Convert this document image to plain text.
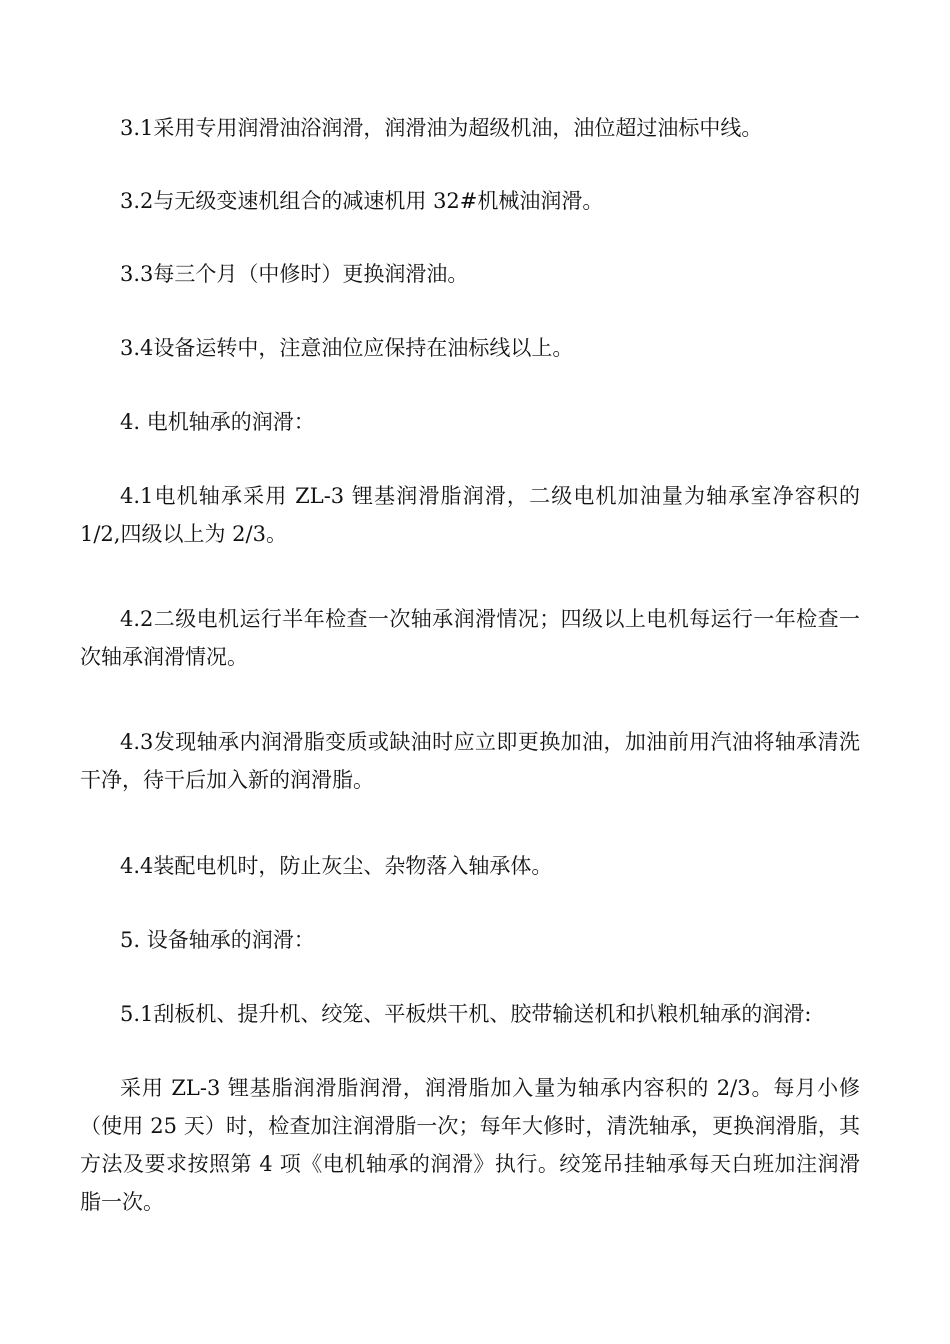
3.1采用专用润滑油浴润滑，润滑油为超级机油，油位超过油标中线。

3.2与无级变速机组合的减速机用 32#机械油润滑。

3.3每三个月（中修时）更换润滑油。

3.4设备运转中，注意油位应保持在油标线以上。

4. 电机轴承的润滑：

4.1电机轴承采用 ZL-3 锂基润滑脂润滑，二级电机加油量为轴承室净容积的 1/2,四级以上为 2/3。

4.2二级电机运行半年检查一次轴承润滑情况；四级以上电机每运行一年检查一次轴承润滑情况。

4.3发现轴承内润滑脂变质或缺油时应立即更换加油，加油前用汽油将轴承清洗干净，待干后加入新的润滑脂。

4.4装配电机时，防止灰尘、杂物落入轴承体。

5. 设备轴承的润滑：

5.1刮板机、提升机、绞笼、平板烘干机、胶带输送机和扒粮机轴承的润滑:

采用 ZL-3 锂基脂润滑脂润滑，润滑脂加入量为轴承内容积的 2/3。每月小修（使用 25 天）时，检查加注润滑脂一次；每年大修时，清洗轴承，更换润滑脂，其方法及要求按照第 4 项《电机轴承的润滑》执行。绞笼吊挂轴承每天白班加注润滑脂一次。
